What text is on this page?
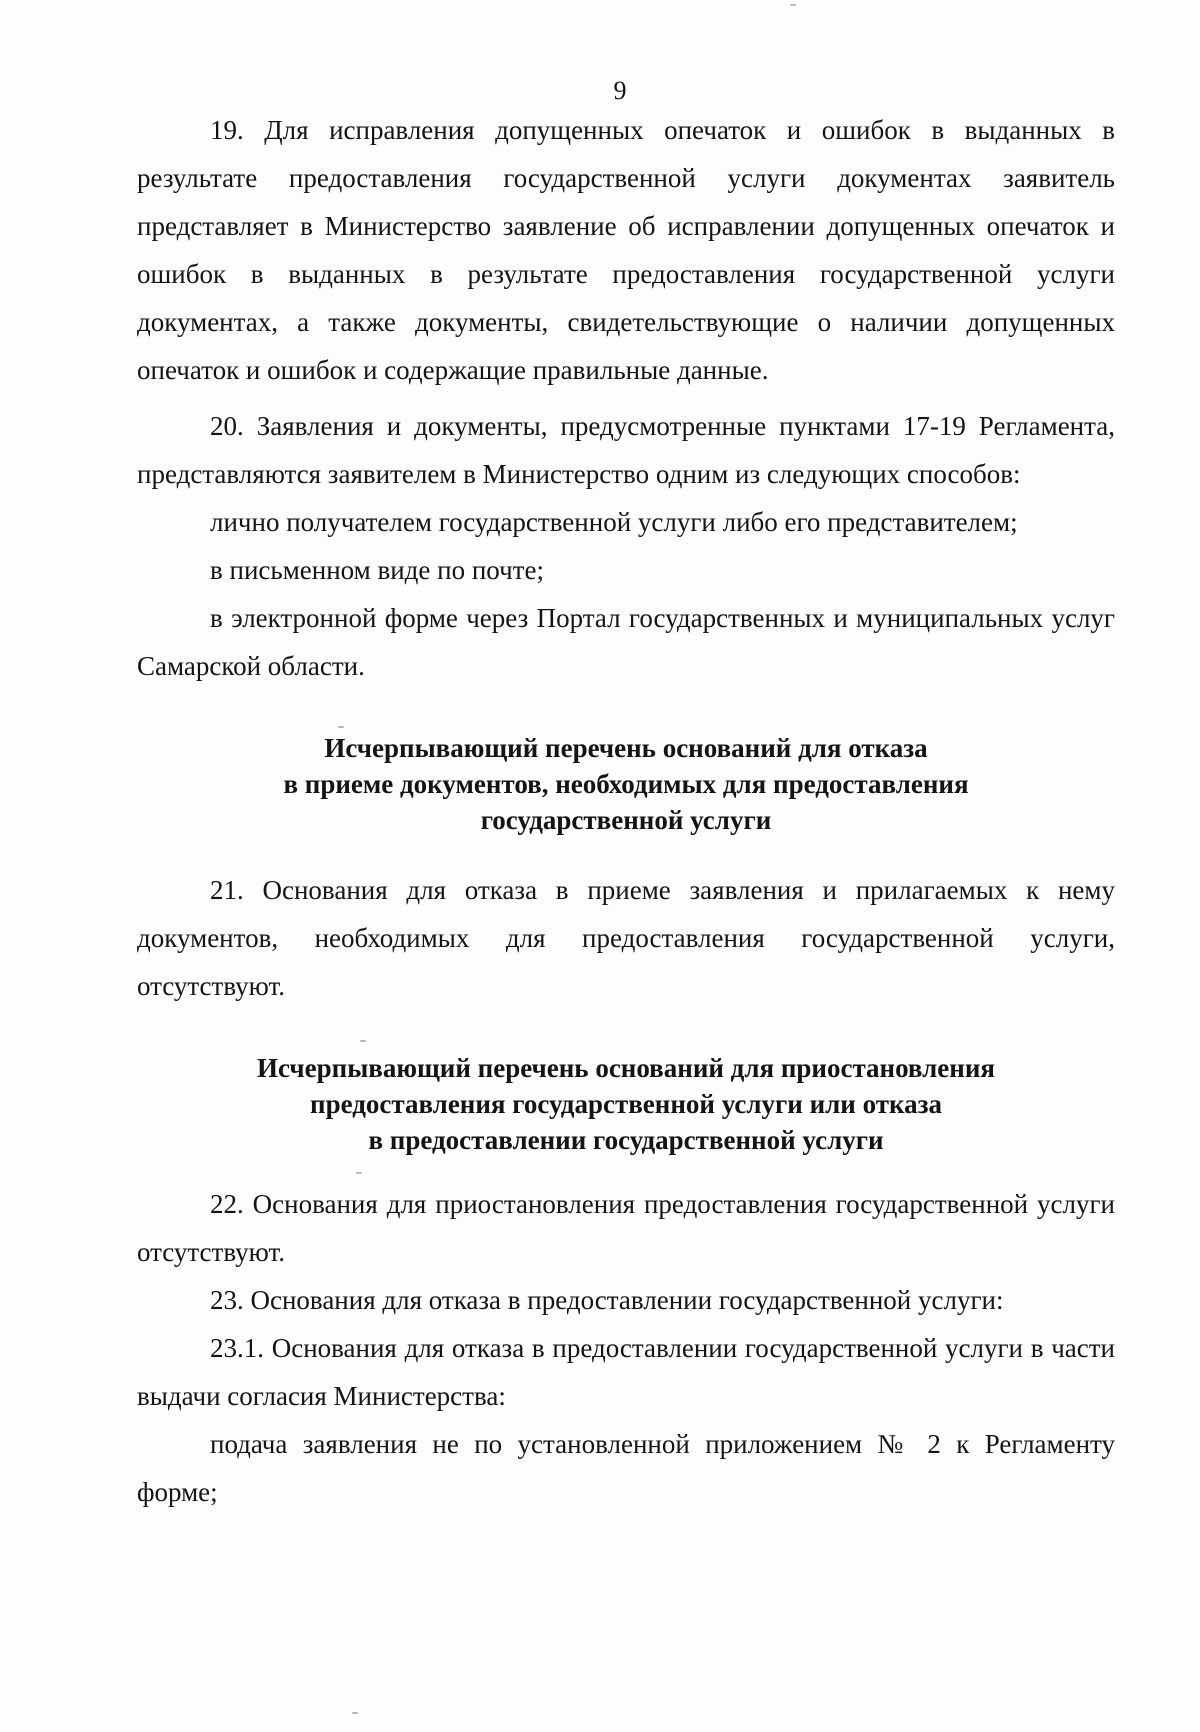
9

19. Для исправления допущенных опечаток и ошибок в выданных в результате предоставления государственной услуги документах заявитель представляет в Министерство заявление об исправлении допущенных опечаток и ошибок в выданных в результате предоставления государственной услуги документах, а также документы, свидетельствующие о наличии допущенных опечаток и ошибок и содержащие правильные данные.

20. Заявления и документы, предусмотренные пунктами 17-19 Регламента, представляются заявителем в Министерство одним из следующих способов:

лично получателем государственной услуги либо его представителем;

в письменном виде по почте;

в электронной форме через Портал государственных и муниципальных услуг Самарской области.

Исчерпывающий перечень оснований для отказа
в приеме документов, необходимых для предоставления
государственной услуги

21. Основания для отказа в приеме заявления и прилагаемых к нему документов, необходимых для предоставления государственной услуги, отсутствуют.

Исчерпывающий перечень оснований для приостановления
предоставления государственной услуги или отказа
в предоставлении государственной услуги

22. Основания для приостановления предоставления государственной услуги отсутствуют.

23. Основания для отказа в предоставлении государственной услуги:

23.1. Основания для отказа в предоставлении государственной услуги в части выдачи согласия Министерства:

подача заявления не по установленной приложением № 2 к Регламенту форме;
